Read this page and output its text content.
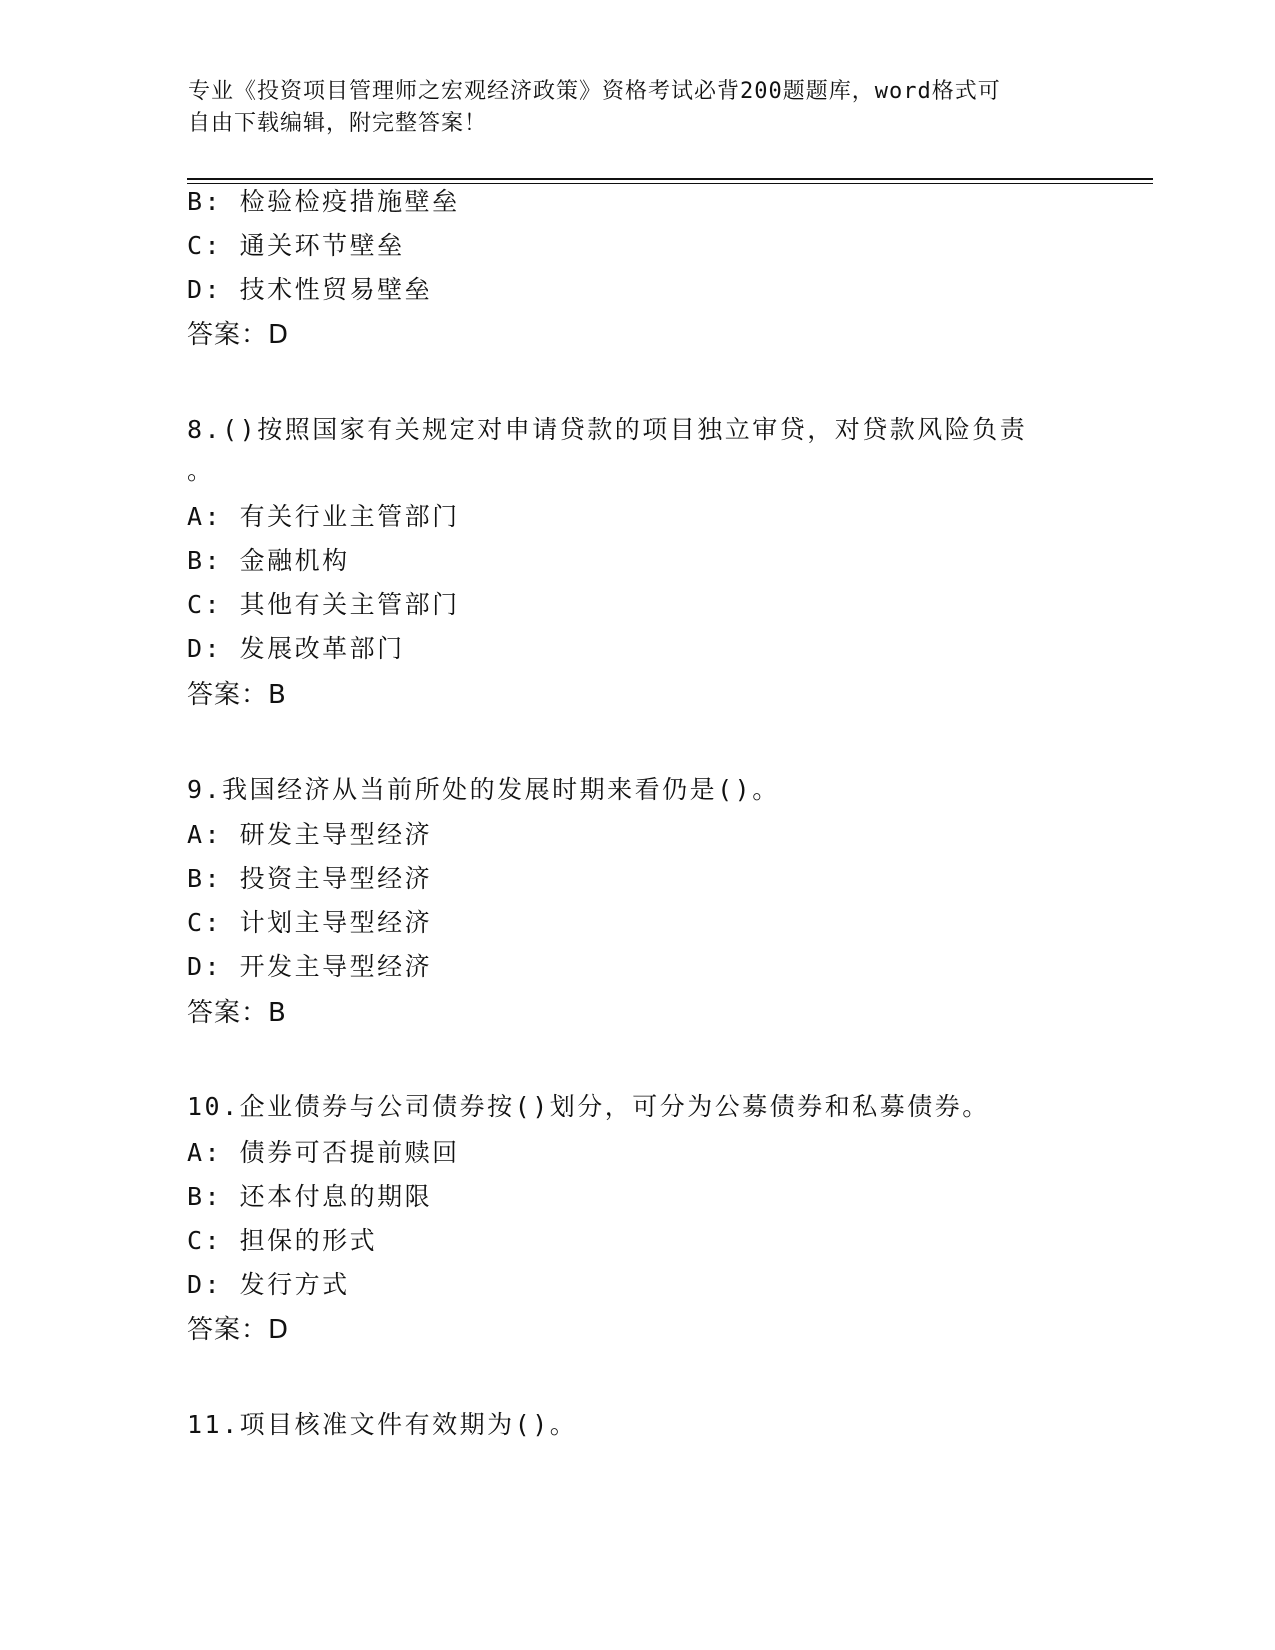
专业《投资项目管理师之宏观经济政策》资格考试必背200题题库，word格式可
自由下载编辑，附完整答案！
B: 检验检疫措施壁垒
C: 通关环节壁垒
D: 技术性贸易壁垒
答案：D
8.()按照国家有关规定对申请贷款的项目独立审贷，对贷款风险负责
。
A: 有关行业主管部门
B: 金融机构
C: 其他有关主管部门
D: 发展改革部门
答案：B
9.我国经济从当前所处的发展时期来看仍是()。
A: 研发主导型经济
B: 投资主导型经济
C: 计划主导型经济
D: 开发主导型经济
答案：B
10.企业债券与公司债券按()划分，可分为公募债券和私募债券。
A: 债券可否提前赎回
B: 还本付息的期限
C: 担保的形式
D: 发行方式
答案：D
11.项目核准文件有效期为()。
